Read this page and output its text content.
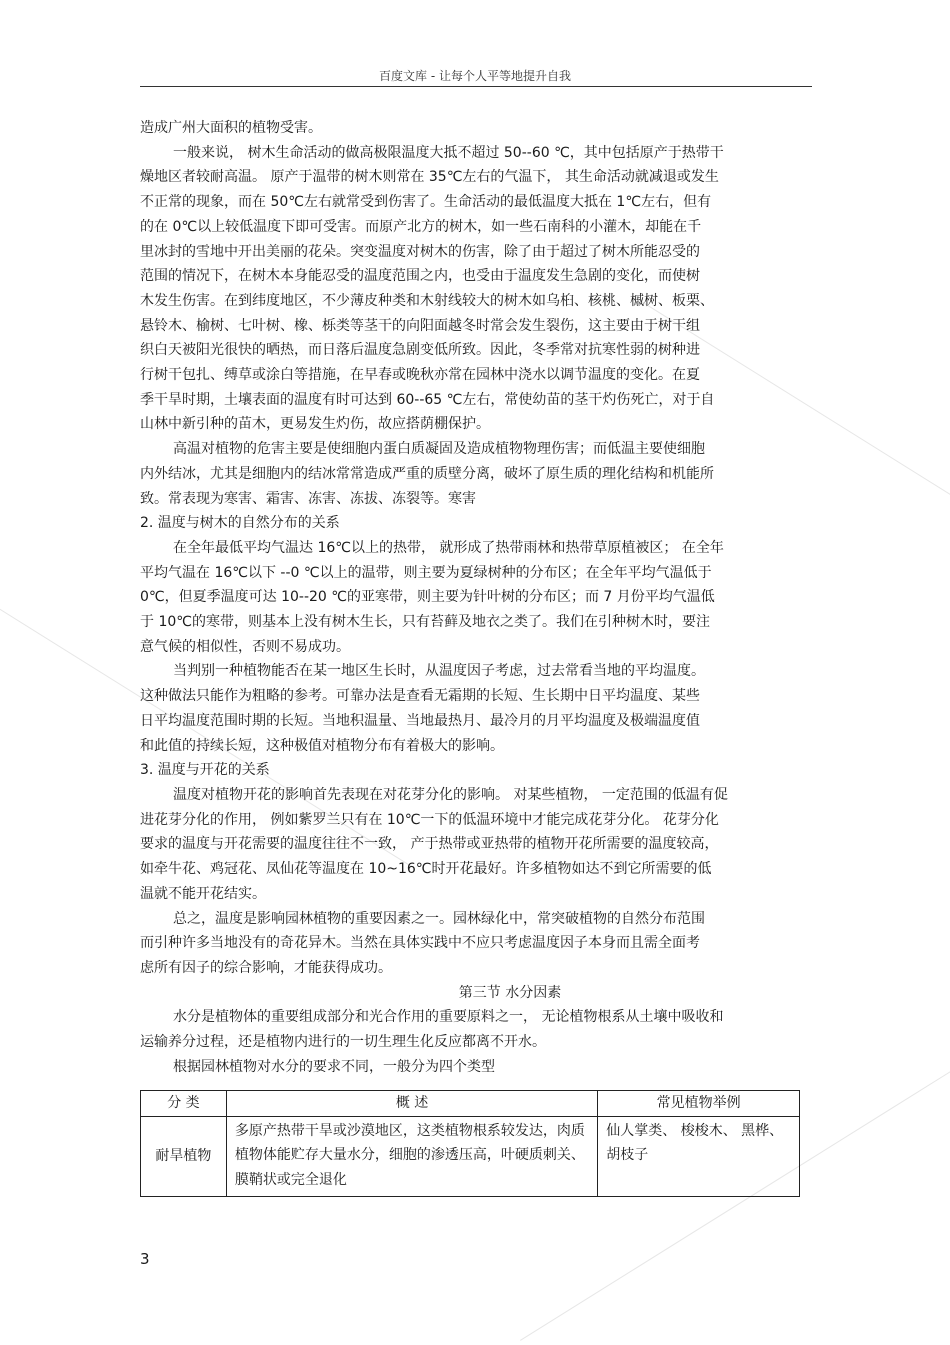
百度文库 - 让每个人平等地提升自我

造成广州大面积的植物受害。

一般来说， 树木生命活动的做高极限温度大抵不超过 50--60 ℃，其中包括原产于热带干

燥地区者较耐高温。 原产于温带的树木则常在 35℃左右的气温下， 其生命活动就减退或发生

不正常的现象，而在 50℃左右就常受到伤害了。生命活动的最低温度大抵在 1℃左右，但有

的在 0℃以上较低温度下即可受害。而原产北方的树木，如一些石南科的小灌木，却能在千

里冰封的雪地中开出美丽的花朵。突变温度对树木的伤害，除了由于超过了树木所能忍受的

范围的情况下，在树木本身能忍受的温度范围之内，也受由于温度发生急剧的变化，而使树

木发生伤害。在到纬度地区，不少薄皮种类和木射线较大的树木如乌桕、核桃、槭树、板栗、

悬铃木、榆树、七叶树、橡、栎类等茎干的向阳面越冬时常会发生裂伤，这主要由于树干组

织白天被阳光很快的晒热，而日落后温度急剧变低所致。因此，冬季常对抗寒性弱的树种进

行树干包扎、缚草或涂白等措施，在早春或晚秋亦常在园林中浇水以调节温度的变化。在夏

季干旱时期，土壤表面的温度有时可达到 60--65 ℃左右，常使幼苗的茎干灼伤死亡，对于自

山林中新引种的苗木，更易发生灼伤，故应搭荫棚保护。

高温对植物的危害主要是使细胞内蛋白质凝固及造成植物物理伤害；而低温主要使细胞

内外结冰，尤其是细胞内的结冰常常造成严重的质壁分离，破坏了原生质的理化结构和机能所

致。常表现为寒害、霜害、冻害、冻拔、冻裂等。寒害

2. 温度与树木的自然分布的关系

在全年最低平均气温达 16℃以上的热带， 就形成了热带雨林和热带草原植被区； 在全年

平均气温在 16℃以下 --0 ℃以上的温带，则主要为夏绿树种的分布区；在全年平均气温低于

0℃，但夏季温度可达 10--20 ℃的亚寒带，则主要为针叶树的分布区；而 7 月份平均气温低

于 10℃的寒带，则基本上没有树木生长，只有苔藓及地衣之类了。我们在引种树木时，要注

意气候的相似性，否则不易成功。

当判别一种植物能否在某一地区生长时，从温度因子考虑，过去常看当地的平均温度。

这种做法只能作为粗略的参考。可靠办法是查看无霜期的长短、生长期中日平均温度、某些

日平均温度范围时期的长短。当地积温量、当地最热月、最冷月的月平均温度及极端温度值

和此值的持续长短，这种极值对植物分布有着极大的影响。

3. 温度与开花的关系

温度对植物开花的影响首先表现在对花芽分化的影响。 对某些植物， 一定范围的低温有促

进花芽分化的作用， 例如紫罗兰只有在 10℃一下的低温环境中才能完成花芽分化。 花芽分化

要求的温度与开花需要的温度往往不一致， 产于热带或亚热带的植物开花所需要的温度较高，

如牵牛花、鸡冠花、凤仙花等温度在 10~16℃时开花最好。许多植物如达不到它所需要的低

温就不能开花结实。

总之，温度是影响园林植物的重要因素之一。园林绿化中，常突破植物的自然分布范围

而引种许多当地没有的奇花异木。当然在具体实践中不应只考虑温度因子本身而且需全面考

虑所有因子的综合影响，才能获得成功。

第三节 水分因素

水分是植物体的重要组成部分和光合作用的重要原料之一， 无论植物根系从土壤中吸收和

运输养分过程，还是植物内进行的一切生理生化反应都离不开水。

根据园林植物对水分的要求不同，一般分为四个类型

分 类	概 述	常见植物举例
耐旱植物	多原产热带干旱或沙漠地区，这类植物根系较发达，肉质植物体能贮存大量水分，细胞的渗透压高，叶硬质刺关、膜鞘状或完全退化	仙人掌类、 梭梭木、 黑桦、胡枝子
3
